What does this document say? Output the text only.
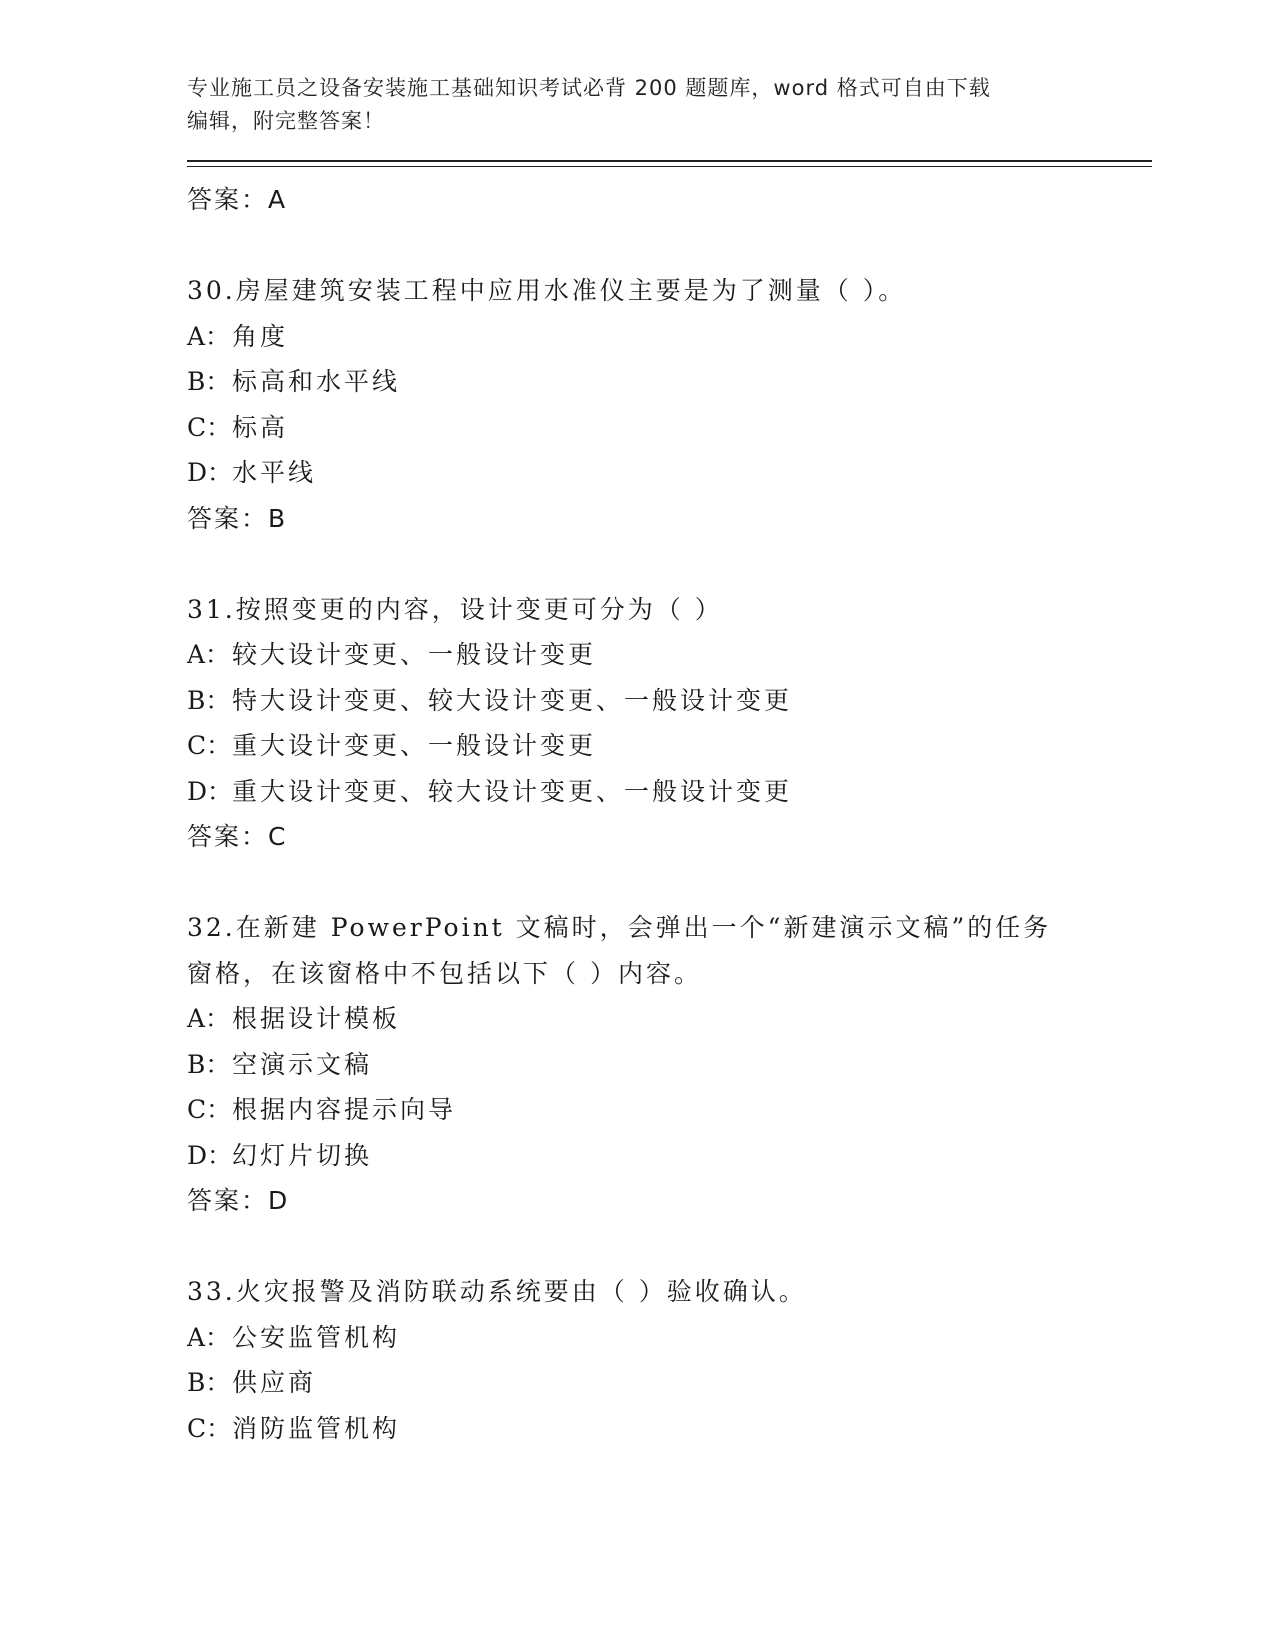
专业施工员之设备安装施工基础知识考试必背 200 题题库，word 格式可自由下载
编辑，附完整答案！
答案：A
30.房屋建筑安装工程中应用水准仪主要是为了测量（ ）。
A：角度
B：标高和水平线
C：标高
D：水平线
答案：B
31.按照变更的内容，设计变更可分为（ ）
A：较大设计变更、一般设计变更
B：特大设计变更、较大设计变更、一般设计变更
C：重大设计变更、一般设计变更
D：重大设计变更、较大设计变更、一般设计变更
答案：C
32.在新建 PowerPoint 文稿时，会弹出一个“新建演示文稿”的任务
窗格，在该窗格中不包括以下（ ）内容。
A：根据设计模板
B：空演示文稿
C：根据内容提示向导
D：幻灯片切换
答案：D
33.火灾报警及消防联动系统要由（ ）验收确认。
A：公安监管机构
B：供应商
C：消防监管机构
